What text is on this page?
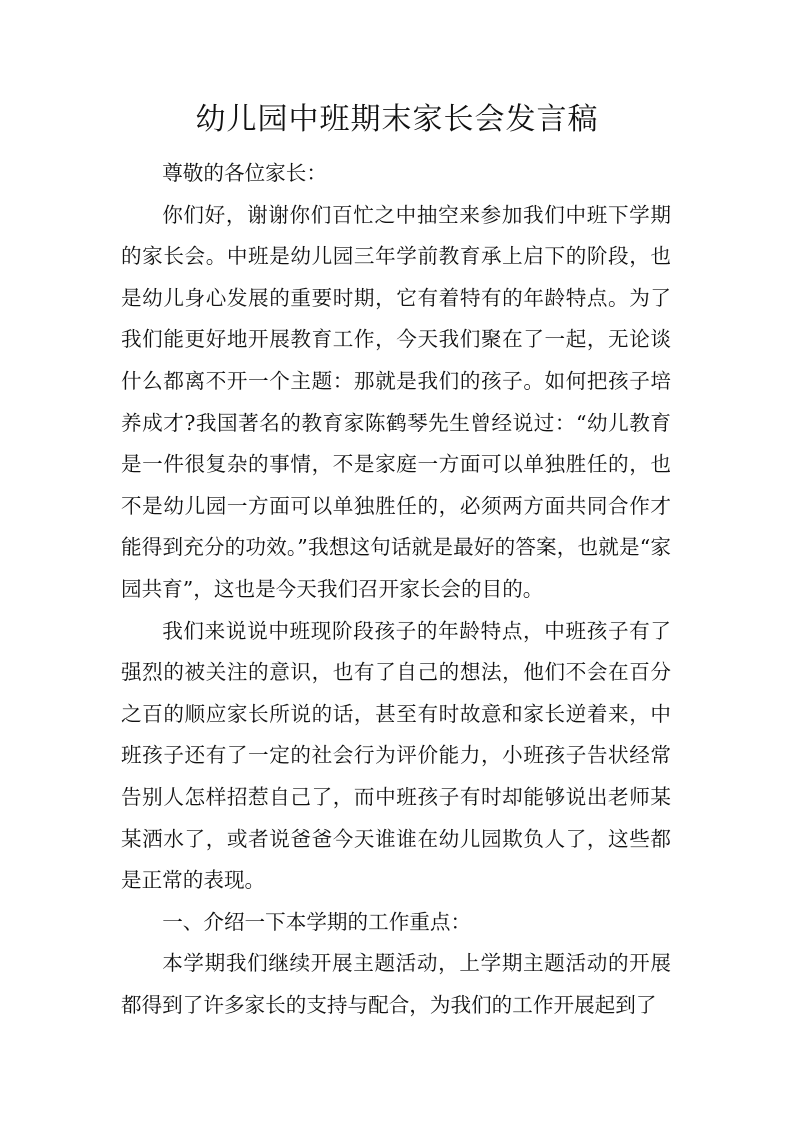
幼儿园中班期末家长会发言稿

尊敬的各位家长：

你们好，谢谢你们百忙之中抽空来参加我们中班下学期的家长会。中班是幼儿园三年学前教育承上启下的阶段，也是幼儿身心发展的重要时期，它有着特有的年龄特点。为了我们能更好地开展教育工作，今天我们聚在了一起，无论谈什么都离不开一个主题：那就是我们的孩子。如何把孩子培养成才?我国著名的教育家陈鹤琴先生曾经说过：“幼儿教育是一件很复杂的事情，不是家庭一方面可以单独胜任的，也不是幼儿园一方面可以单独胜任的，必须两方面共同合作才能得到充分的功效。”我想这句话就是最好的答案，也就是“家园共育”，这也是今天我们召开家长会的目的。

我们来说说中班现阶段孩子的年龄特点，中班孩子有了强烈的被关注的意识，也有了自己的想法，他们不会在百分之百的顺应家长所说的话，甚至有时故意和家长逆着来，中班孩子还有了一定的社会行为评价能力，小班孩子告状经常告别人怎样招惹自己了，而中班孩子有时却能够说出老师某某洒水了，或者说爸爸今天谁谁在幼儿园欺负人了，这些都是正常的表现。

一、介绍一下本学期的工作重点：

本学期我们继续开展主题活动，上学期主题活动的开展都得到了许多家长的支持与配合，为我们的工作开展起到了
